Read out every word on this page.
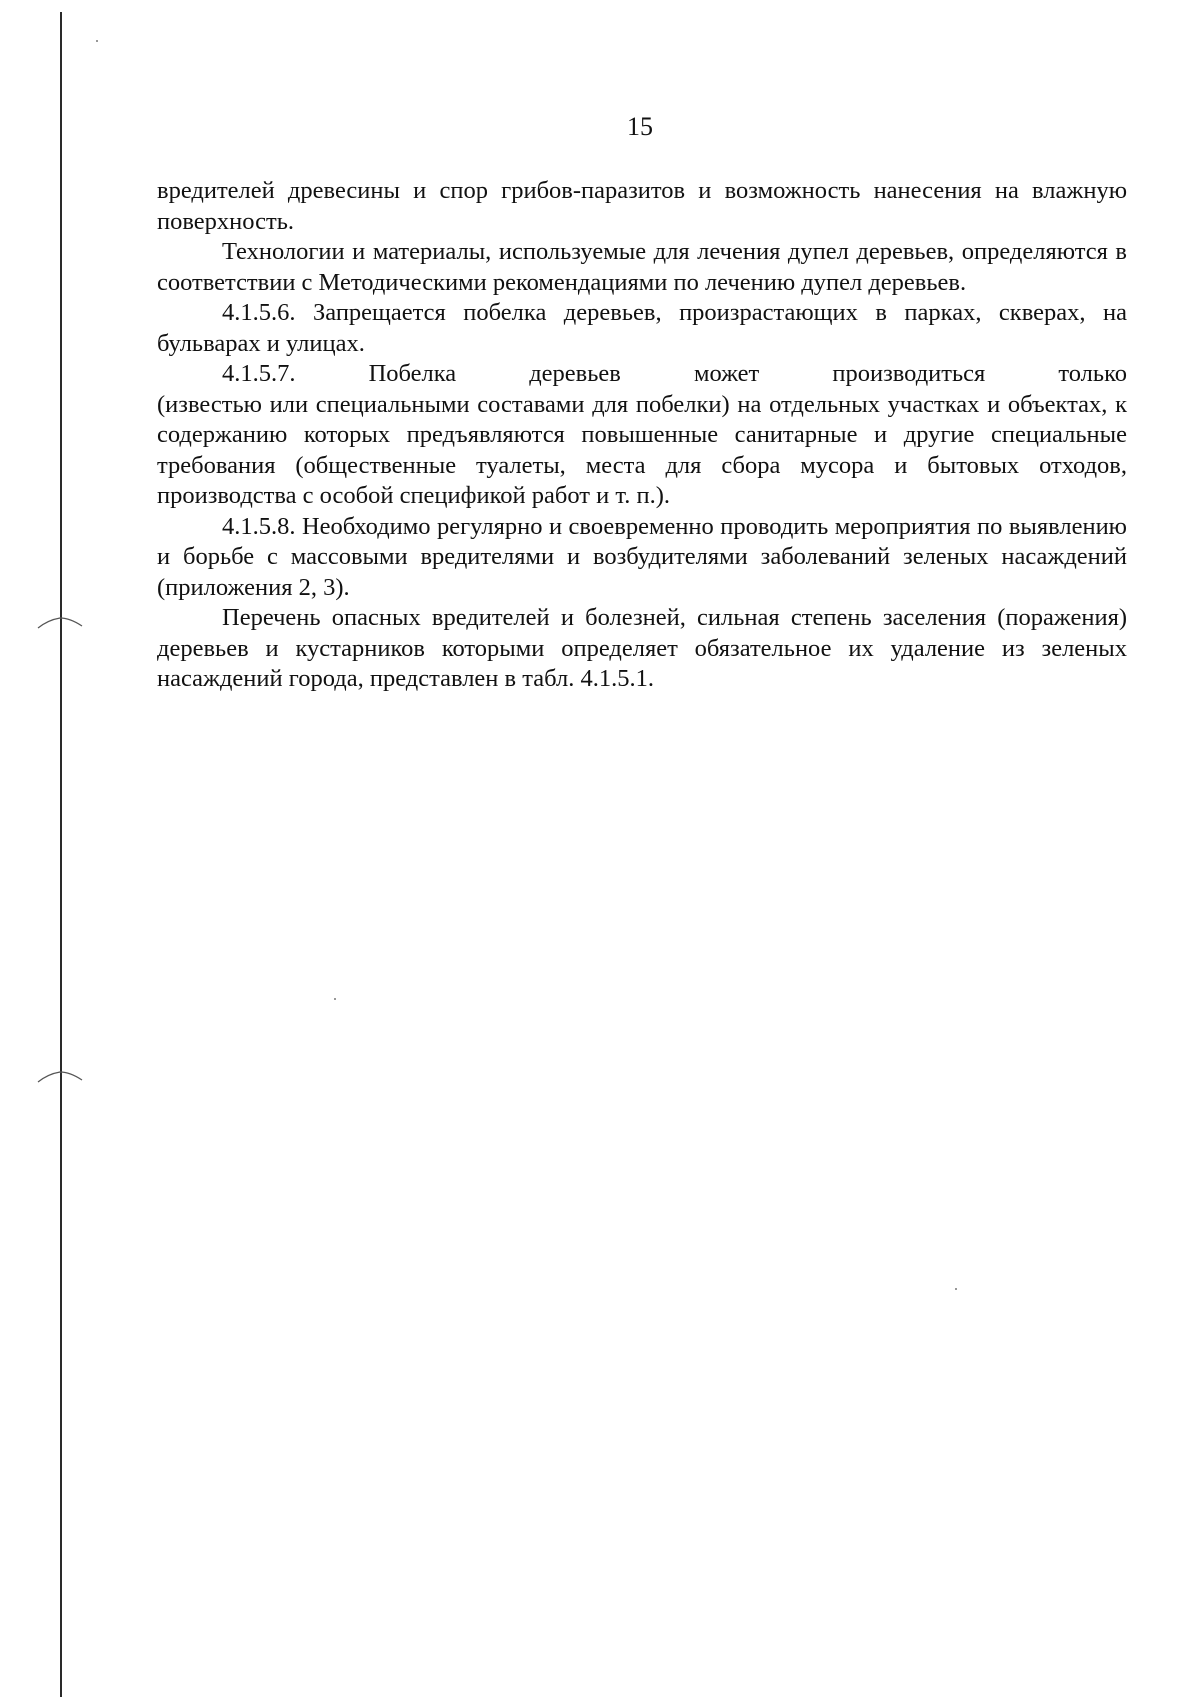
15

вредителей древесины и спор грибов-паразитов и возможность нанесения на влажную поверхность.

Технологии и материалы, используемые для лечения дупел деревьев, определяются в соответствии с Методическими рекомендациями по лечению дупел деревьев.

4.1.5.6. Запрещается побелка деревьев, произрастающих в парках, скверах, на бульварах и улицах.

4.1.5.7.	Побелка	деревьев	может	производиться	только

(известью или специальными составами для побелки) на отдельных участках и объектах, к содержанию которых предъявляются повышенные санитарные и другие специальные требования (общественные туалеты, места для сбора мусора и бытовых отходов, производства с особой спецификой работ и т. п.).

4.1.5.8. Необходимо регулярно и своевременно проводить мероприятия по выявлению и борьбе с массовыми вредителями и возбудителями заболеваний зеленых насаждений (приложения 2, 3).

Перечень опасных вредителей и болезней, сильная степень заселения (поражения) деревьев и кустарников которыми определяет обязательное их удаление из зеленых насаждений города, представлен в табл. 4.1.5.1.
